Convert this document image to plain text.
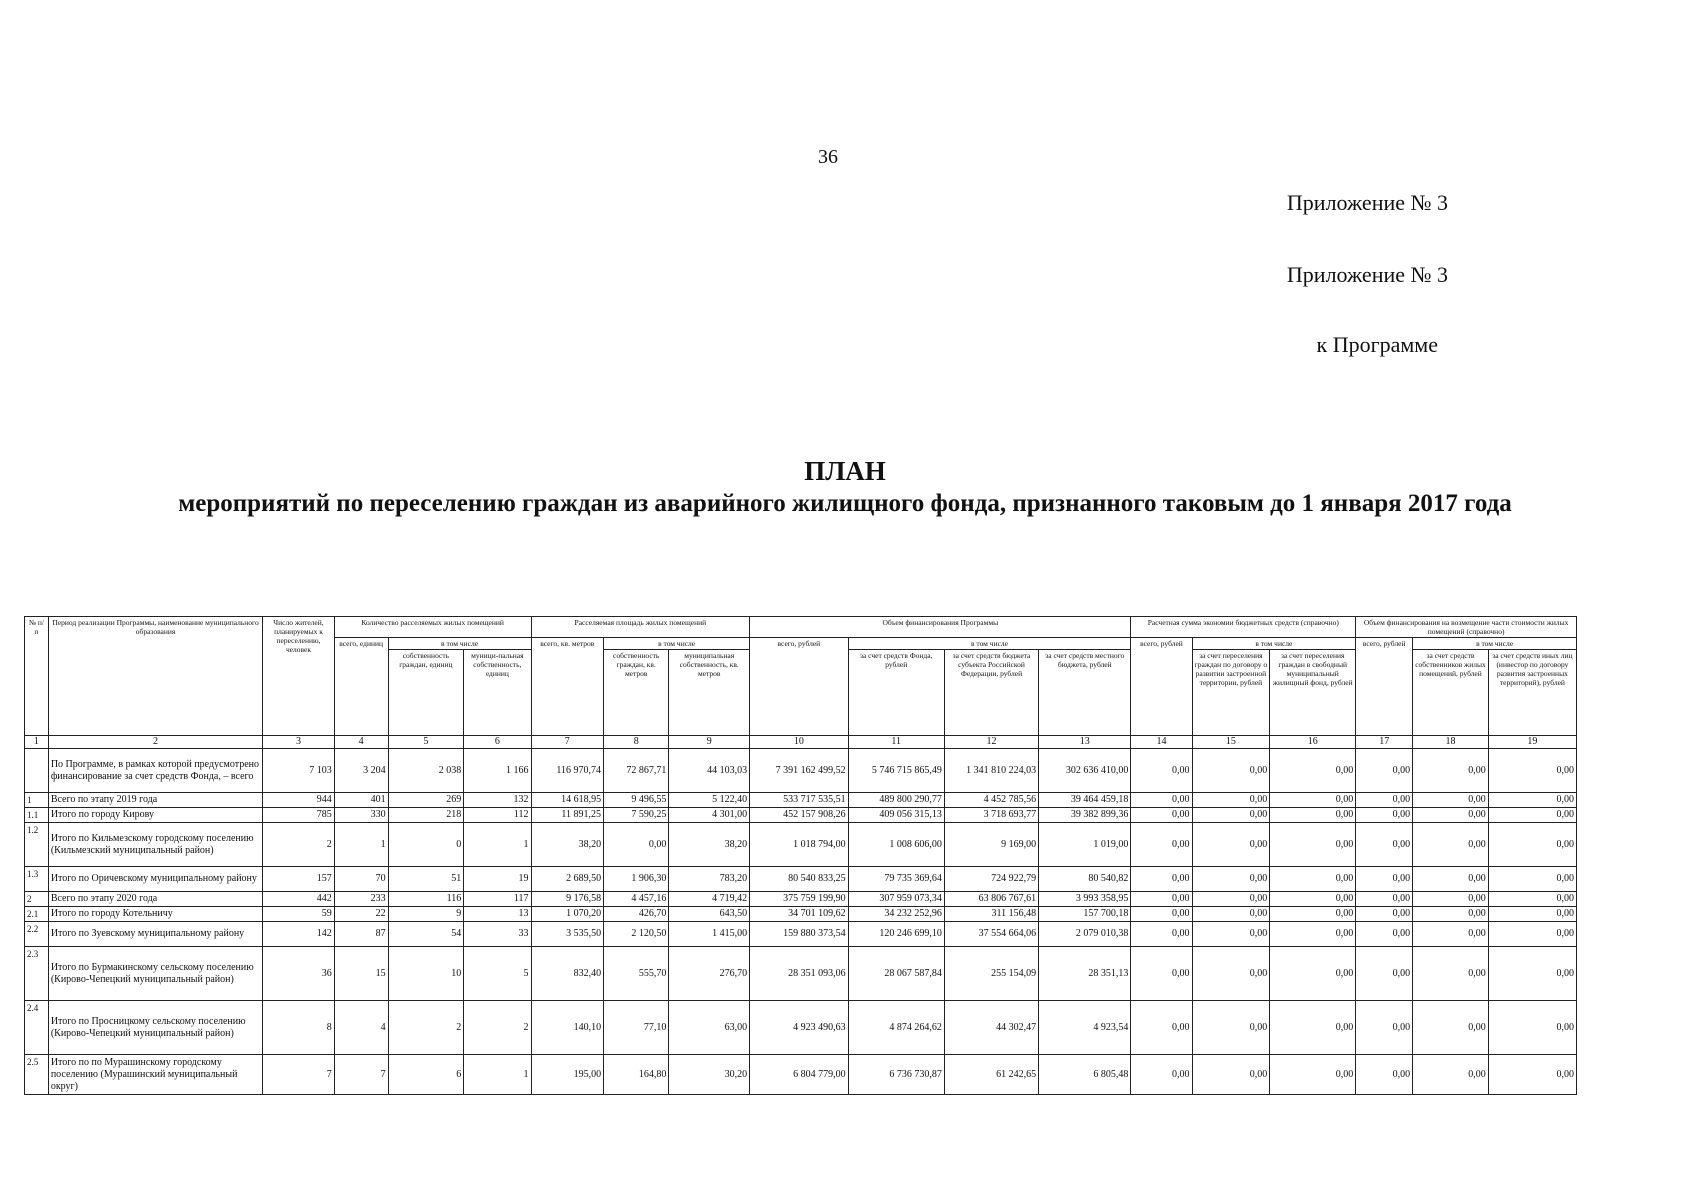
36
Приложение № 3
Приложение № 3
к Программе
ПЛАН
мероприятий по переселению граждан из аварийного жилищного фонда, признанного таковым до 1 января 2017 года
№ п/п	Период реализации Программы, наименование муниципального образования	Число жителей, планируемых к переселению, человек	Количество расселяемых жилых помещений			Расселяемая площадь жилых помещений			Объем финансирования Программы				Расчетная сумма экономии бюджетных средств (справочно)			Объем финансирования на возмещение части стоимости жилых помещений (справочно)		
			всего, единиц	в том числе		всего, кв. метров	в том числе		всего, рублей	в том числе			всего, рублей	в том числе		всего, рублей	в том числе	
				собственность граждан, единиц	муници-пальная собственность, единиц		собственность граждан, кв. метров	муниципальная собственность, кв. метров		за счет средств Фонда, рублей	за счет средств бюджета субъекта Российской Федерации, рублей	за счет средств местного бюджета, рублей		за счет переселения граждан по договору о развитии застроенной территории, рублей	за счет переселения граждан в свободный муниципальный жилищный фонд, рублей		за счет средств собственников жилых помещений, рублей	за счет средств иных лиц (инвестор по договору развития застроенных территорий), рублей
1	2	3	4	5	6	7	8	9	10	11	12	13	14	15	16	17	18	19
	По Программе, в рамках которой предусмотрено финансирование за счет средств Фонда, – всего	7 103	3 204	2 038	1 166	116 970,74	72 867,71	44 103,03	7 391 162 499,52	5 746 715 865,49	1 341 810 224,03	302 636 410,00	0,00	0,00	0,00	0,00	0,00	0,00
1	Всего по этапу 2019 года	944	401	269	132	14 618,95	9 496,55	5 122,40	533 717 535,51	489 800 290,77	4 452 785,56	39 464 459,18	0,00	0,00	0,00	0,00	0,00	0,00
1.1	Итого по городу Кирову	785	330	218	112	11 891,25	7 590,25	4 301,00	452 157 908,26	409 056 315,13	3 718 693,77	39 382 899,36	0,00	0,00	0,00	0,00	0,00	0,00
1.2	Итого по Кильмезскому городскому поселению (Кильмезский муниципальный район)	2	1	0	1	38,20	0,00	38,20	1 018 794,00	1 008 606,00	9 169,00	1 019,00	0,00	0,00	0,00	0,00	0,00	0,00
1.3	Итого по Оричевскому муниципальному району	157	70	51	19	2 689,50	1 906,30	783,20	80 540 833,25	79 735 369,64	724 922,79	80 540,82	0,00	0,00	0,00	0,00	0,00	0,00
2	Всего по этапу 2020 года	442	233	116	117	9 176,58	4 457,16	4 719,42	375 759 199,90	307 959 073,34	63 806 767,61	3 993 358,95	0,00	0,00	0,00	0,00	0,00	0,00
2.1	Итого по городу Котельничу	59	22	9	13	1 070,20	426,70	643,50	34 701 109,62	34 232 252,96	311 156,48	157 700,18	0,00	0,00	0,00	0,00	0,00	0,00
2.2	Итого по Зуевскому муниципальному району	142	87	54	33	3 535,50	2 120,50	1 415,00	159 880 373,54	120 246 699,10	37 554 664,06	2 079 010,38	0,00	0,00	0,00	0,00	0,00	0,00
2.3	Итого по Бурмакинскому сельскому поселению (Кирово-Чепецкий муниципальный район)	36	15	10	5	832,40	555,70	276,70	28 351 093,06	28 067 587,84	255 154,09	28 351,13	0,00	0,00	0,00	0,00	0,00	0,00
2.4	Итого по Просницкому сельскому поселению (Кирово-Чепецкий муниципальный район)	8	4	2	2	140,10	77,10	63,00	4 923 490,63	4 874 264,62	44 302,47	4 923,54	0,00	0,00	0,00	0,00	0,00	0,00
2.5	Итого по по Мурашинскому городскому поселению (Мурашинский муниципальный округ)	7	7	6	1	195,00	164,80	30,20	6 804 779,00	6 736 730,87	61 242,65	6 805,48	0,00	0,00	0,00	0,00	0,00	0,00
